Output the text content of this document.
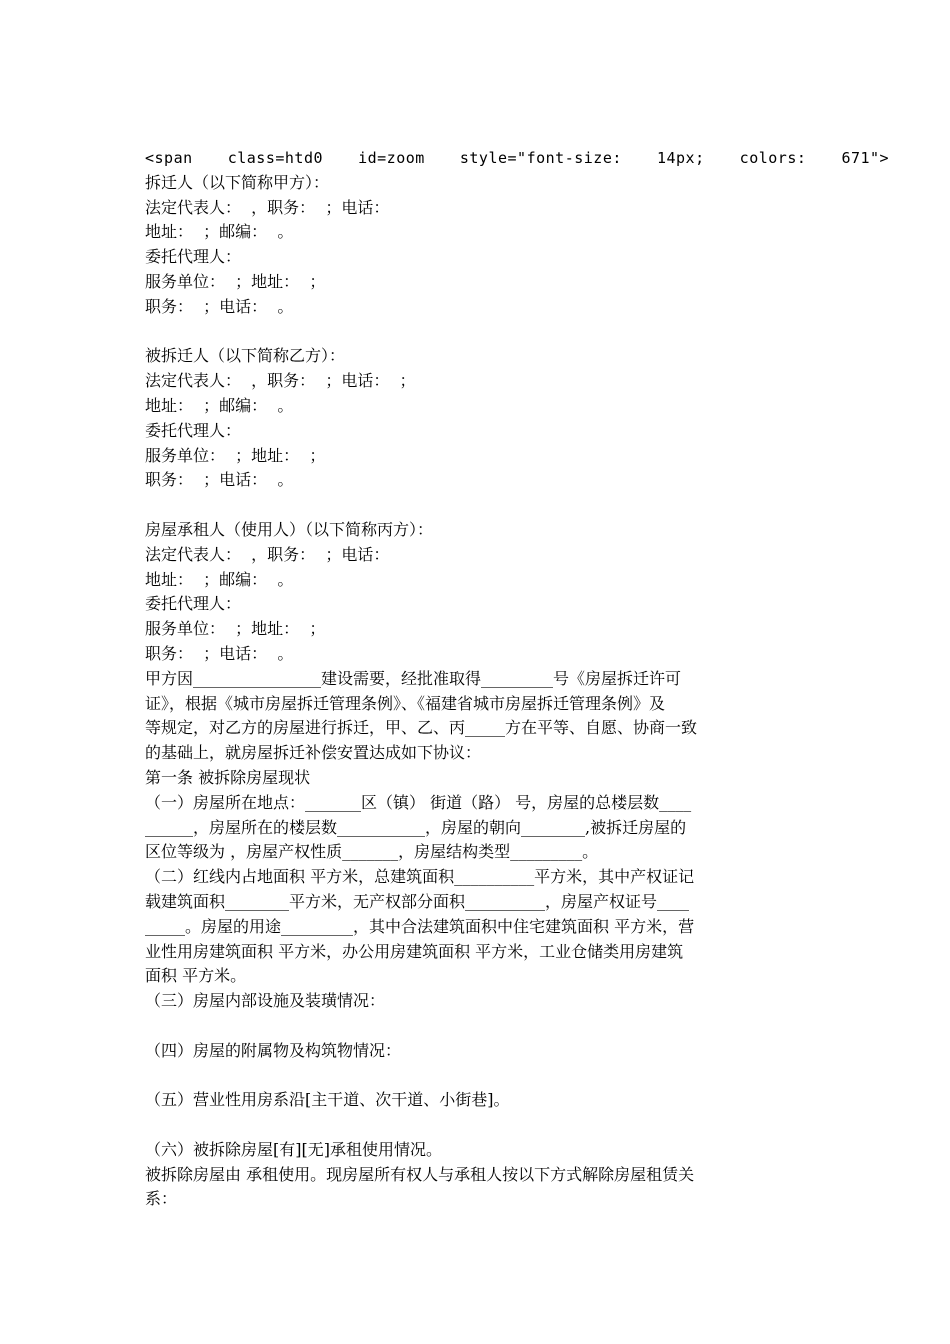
<span  class=htd0  id=zoom  style="font-size:  14px;  colors:  671">
拆迁人（以下简称甲方）：
法定代表人：  ，职务：  ；电话：
地址：  ；邮编：  。
委托代理人：
服务单位：  ；地址：  ；
职务：  ；电话：  。
被拆迁人（以下简称乙方）：
法定代表人：  ，职务：  ；电话：  ；
地址：  ；邮编：  。
委托代理人：
服务单位：  ；地址：  ；
职务：  ；电话：  。
房屋承租人（使用人）（以下简称丙方）：
法定代表人：  ，职务：  ；电话：
地址：  ；邮编：  。
委托代理人：
服务单位：  ；地址：  ；
职务：  ；电话：  。
甲方因________________建设需要，经批准取得_________号《房屋拆迁许可
证》，根据《城市房屋拆迁管理条例》、《福建省城市房屋拆迁管理条例》及
等规定，对乙方的房屋进行拆迁，甲、乙、丙_____方在平等、自愿、协商一致
的基础上，就房屋拆迁补偿安置达成如下协议：
第一条 被拆除房屋现状
（一）房屋所在地点：_______区（镇） 街道（路） 号，房屋的总楼层数____
______，房屋所在的楼层数___________，房屋的朝向________,被拆迁房屋的
区位等级为 ，房屋产权性质_______，房屋结构类型_________。
（二）红线内占地面积 平方米，总建筑面积__________平方米，其中产权证记
载建筑面积________平方米，无产权部分面积__________，房屋产权证号____
_____。房屋的用途_________，其中合法建筑面积中住宅建筑面积 平方米，营
业性用房建筑面积 平方米，办公用房建筑面积 平方米，工业仓储类用房建筑
面积 平方米。
（三）房屋内部设施及装璜情况：
（四）房屋的附属物及构筑物情况：
（五）营业性用房系沿[主干道、次干道、小街巷]。
（六）被拆除房屋[有][无]承租使用情况。
被拆除房屋由 承租使用。现房屋所有权人与承租人按以下方式解除房屋租赁关
系：
